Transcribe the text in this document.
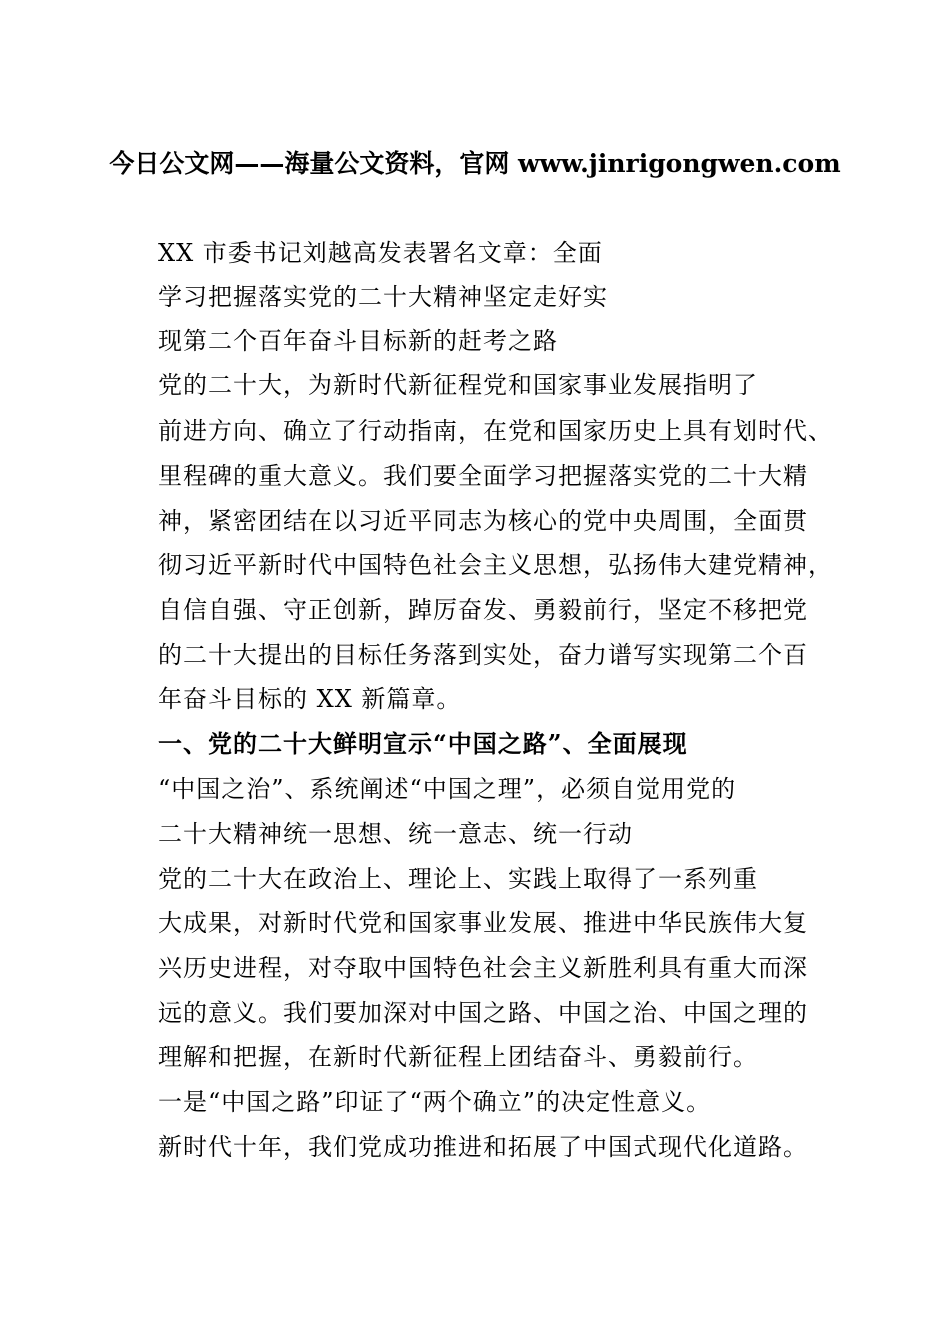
今日公文网——海量公文资料，官网 www.jinrigongwen.com
XX 市委书记刘越高发表署名文章：全面
学习把握落实党的二十大精神坚定走好实
现第二个百年奋斗目标新的赶考之路
党的二十大，为新时代新征程党和国家事业发展指明了
前进方向、确立了行动指南，在党和国家历史上具有划时代、
里程碑的重大意义。我们要全面学习把握落实党的二十大精
神，紧密团结在以习近平同志为核心的党中央周围，全面贯
彻习近平新时代中国特色社会主义思想，弘扬伟大建党精神，
自信自强、守正创新，踔厉奋发、勇毅前行，坚定不移把党
的二十大提出的目标任务落到实处，奋力谱写实现第二个百
年奋斗目标的 XX 新篇章。
一、党的二十大鲜明宣示“中国之路”、全面展现
“中国之治”、系统阐述“中国之理”，必须自觉用党的
二十大精神统一思想、统一意志、统一行动
党的二十大在政治上、理论上、实践上取得了一系列重
大成果，对新时代党和国家事业发展、推进中华民族伟大复
兴历史进程，对夺取中国特色社会主义新胜利具有重大而深
远的意义。我们要加深对中国之路、中国之治、中国之理的
理解和把握，在新时代新征程上团结奋斗、勇毅前行。
一是“中国之路”印证了“两个确立”的决定性意义。
新时代十年，我们党成功推进和拓展了中国式现代化道路。
